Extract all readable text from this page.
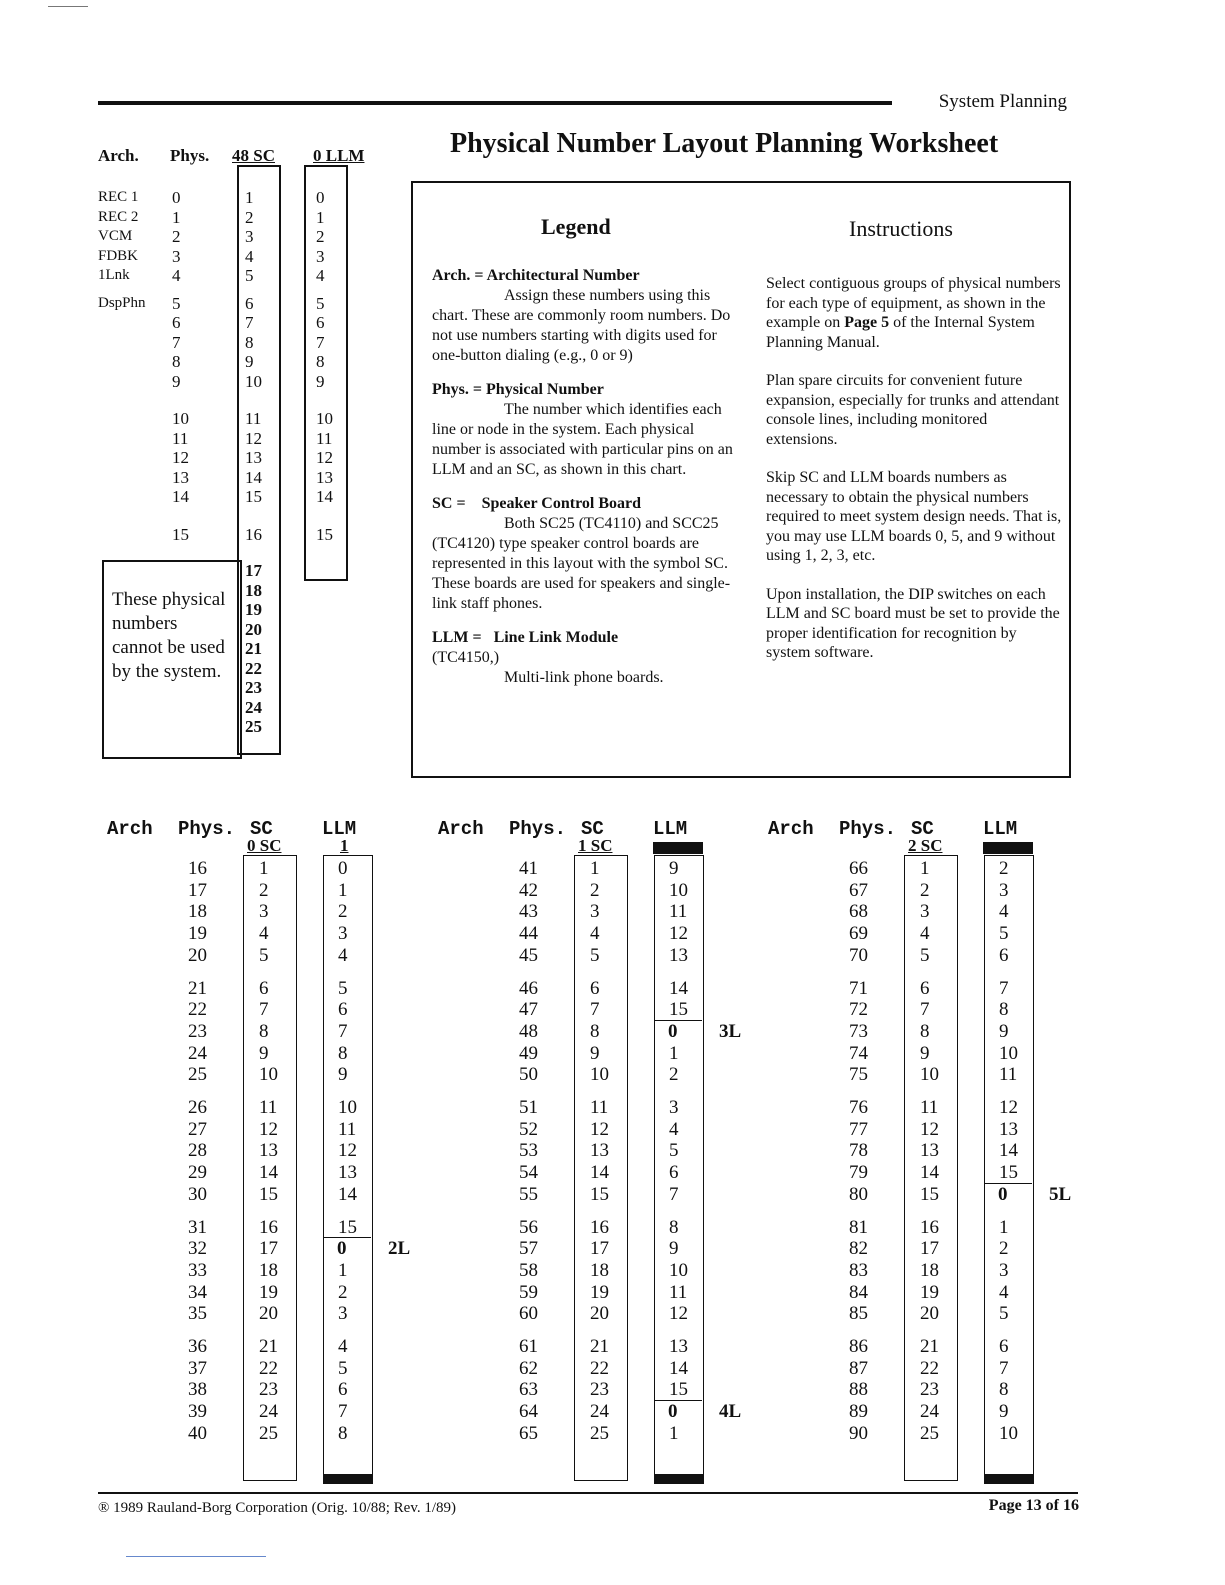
System Planning
Physical Number Layout Planning Worksheet
Arch. Phys. 48 SC 0 LLM
REC 1	0	1	0
REC 2	1	2	1
VCM	2	3	2
FDBK	3	4	3
1Lnk	4	5	4
DspPhn	5	6	5
6	7	6
7	8	7
8	9	8
9	10	9
10	11	10
11	12	11
12	13	12
13	14	13
14	15	14
15	16	15
17
18
19
20
21
22
23
24
25
These physical numbers cannot be used by the system.
Legend	Instructions

Arch. = Architectural Number
Assign these numbers using this chart. These are commonly room numbers. Do not use numbers starting with digits used for one-button dialing (e.g., 0 or 9)

Phys. = Physical Number
The number which identifies each line or node in the system. Each physical number is associated with particular pins on an LLM and an SC, as shown in this chart.

SC = Speaker Control Board
Both SC25 (TC4110) and SCC25 (TC4120) type speaker control boards are represented in this layout with the symbol SC. These boards are used for speakers and single-link staff phones.

LLM = Line Link Module
(TC4150,)
Multi-link phone boards.

Select contiguous groups of physical numbers for each type of equipment, as shown in the example on Page 5 of the Internal System Planning Manual.

Plan spare circuits for convenient future expansion, especially for trunks and attendant console lines, including monitored extensions.

Skip SC and LLM boards numbers as necessary to obtain the physical numbers required to meet system design needs. That is, you may use LLM boards 0, 5, and 9 without using 1, 2, 3, etc.

Upon installation, the DIP switches on each LLM and SC board must be set to provide the proper identification for recognition by system software.

Arch Phys. SC	LLM
0 SC	1
16	1	0
17	2	1
18	3	2
19	4	3
20	5	4
21	6	5
22	7	6
23	8	7
24	9	8
25	10	9
26	11	10
27	12	11
28	13	12
29	14	13
30	15	14
31	16	15
32	17	0 2L
33	18	1
34	19	2
35	20	3
36	21	4
37	22	5
38	23	6
39	24	7
40	25	8
Arch Phys. SC	LLM
1 SC
41	1	9
42	2	10
43	3	11
44	4	12
45	5	13
46	6	14
47	7	15
48	8	0 3L
49	9	1
50	10	2
51	11	3
52	12	4
53	13	5
54	14	6
55	15	7
56	16	8
57	17	9
58	18	10
59	19	11
60	20	12
61	21	13
62	22	14
63	23	15
64	24	0 4L
65	25	1
Arch Phys. SC	LLM
2 SC
66	1	2
67	2	3
68	3	4
69	4	5
70	5	6
71	6	7
72	7	8
73	8	9
74	9	10
75	10	11
76	11	12
77	12	13
78	13	14
79	14	15
80	15	0 5L
81	16	1
82	17	2
83	18	3
84	19	4
85	20	5
86	21	6
87	22	7
88	23	8
89	24	9
90	25	10
® 1989 Rauland-Borg Corporation (Orig. 10/88; Rev. 1/89)	Page 13 of 16
